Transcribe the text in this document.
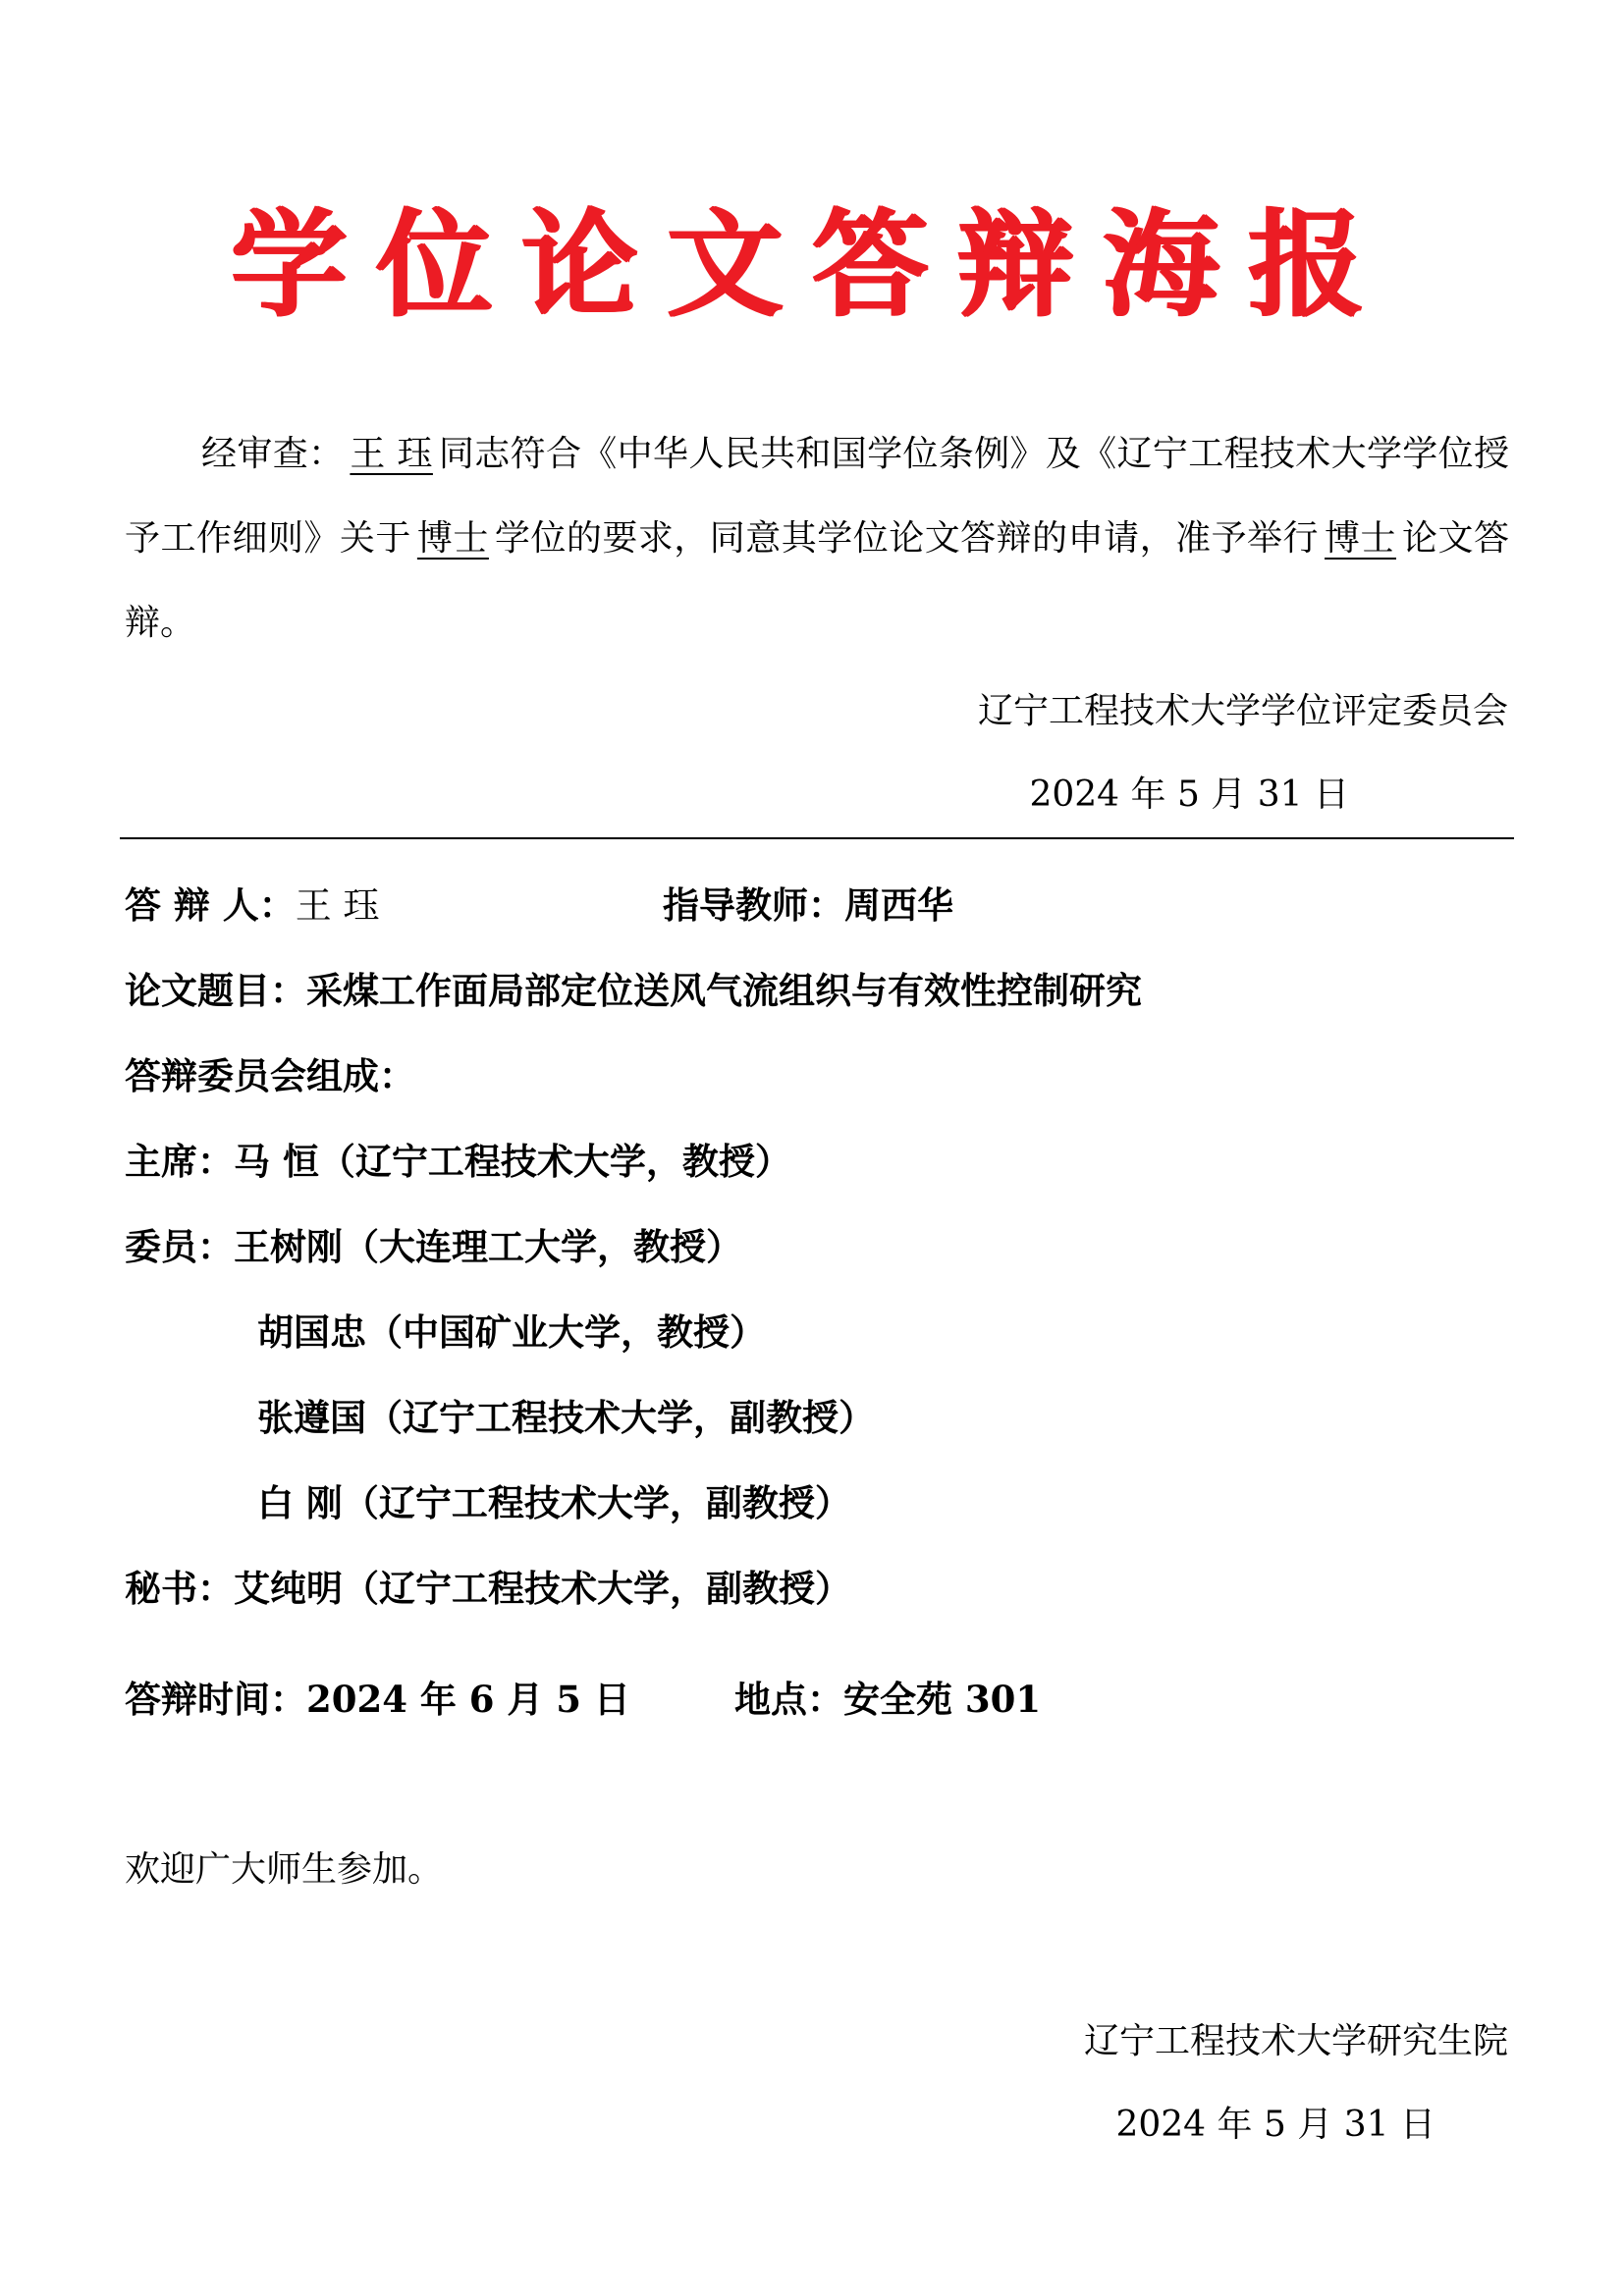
学位论文答辩海报
经审查： 王 珏 同志符合《中华人民共和国学位条例》及《辽宁工程技术大学学位授予工作细则》关于 博士 学位的要求，同意其学位论文答辩的申请，准予举行 博士 论文答辩。
辽宁工程技术大学学位评定委员会
2024 年 5 月 31 日
答 辩 人：王 珏	指导教师：周西华
论文题目：采煤工作面局部定位送风气流组织与有效性控制研究
答辩委员会组成：
主席：马 恒（辽宁工程技术大学，教授）
委员：王树刚（大连理工大学，教授）
胡国忠（中国矿业大学，教授）
张遵国（辽宁工程技术大学，副教授）
白 刚（辽宁工程技术大学，副教授）
秘书：艾纯明（辽宁工程技术大学，副教授）
答辩时间：2024 年 6 月 5 日	地点：安全苑 301
欢迎广大师生参加。
辽宁工程技术大学研究生院
2024 年 5 月 31 日
